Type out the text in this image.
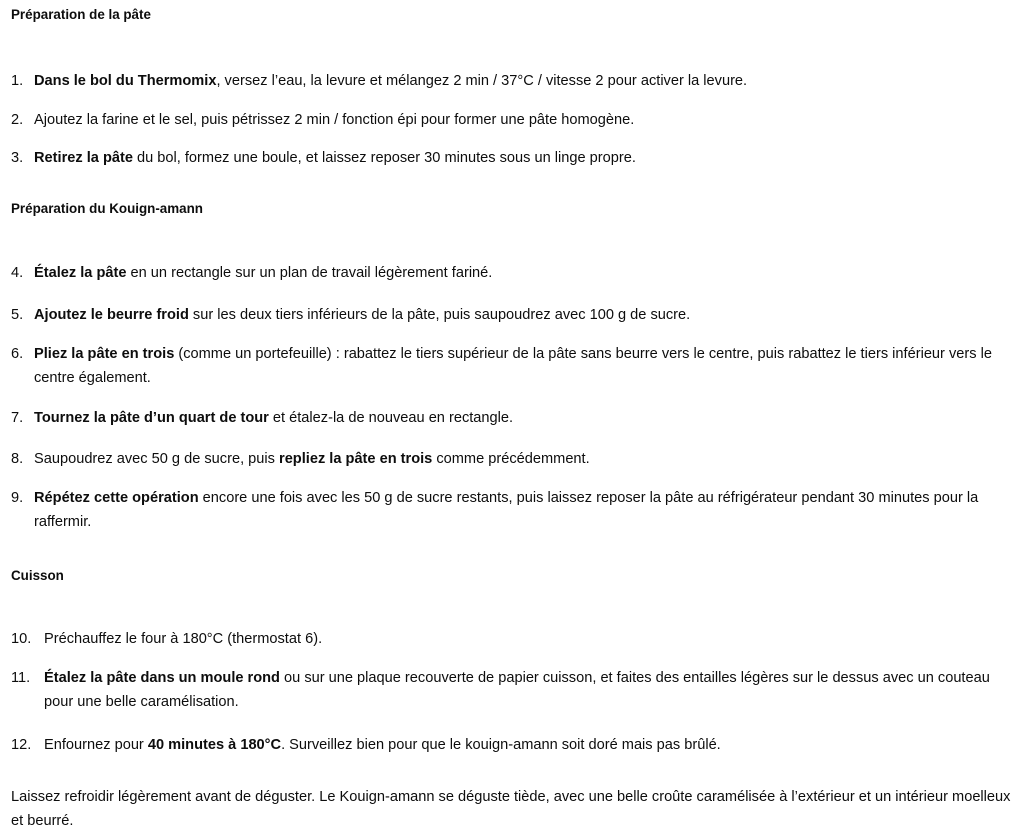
Préparation de la pâte
1. Dans le bol du Thermomix, versez l’eau, la levure et mélangez 2 min / 37°C / vitesse 2 pour activer la levure.
2. Ajoutez la farine et le sel, puis pétrissez 2 min / fonction épi pour former une pâte homogène.
3. Retirez la pâte du bol, formez une boule, et laissez reposer 30 minutes sous un linge propre.
Préparation du Kouign-amann
4. Étalez la pâte en un rectangle sur un plan de travail légèrement fariné.
5. Ajoutez le beurre froid sur les deux tiers inférieurs de la pâte, puis saupoudrez avec 100 g de sucre.
6. Pliez la pâte en trois (comme un portefeuille) : rabattez le tiers supérieur de la pâte sans beurre vers le centre, puis rabattez le tiers inférieur vers le centre également.
7. Tournez la pâte d’un quart de tour et étalez-la de nouveau en rectangle.
8. Saupoudrez avec 50 g de sucre, puis repliez la pâte en trois comme précédemment.
9. Répétez cette opération encore une fois avec les 50 g de sucre restants, puis laissez reposer la pâte au réfrigérateur pendant 30 minutes pour la raffermir.
Cuisson
10. Préchauffez le four à 180°C (thermostat 6).
11. Étalez la pâte dans un moule rond ou sur une plaque recouverte de papier cuisson, et faites des entailles légères sur le dessus avec un couteau pour une belle caramélisation.
12. Enfournez pour 40 minutes à 180°C. Surveillez bien pour que le kouign-amann soit doré mais pas brûlé.

Laissez refroidir légèrement avant de déguster. Le Kouign-amann se déguste tiède, avec une belle croûte caramélisée à l’extérieur et un intérieur moelleux et beurré.
